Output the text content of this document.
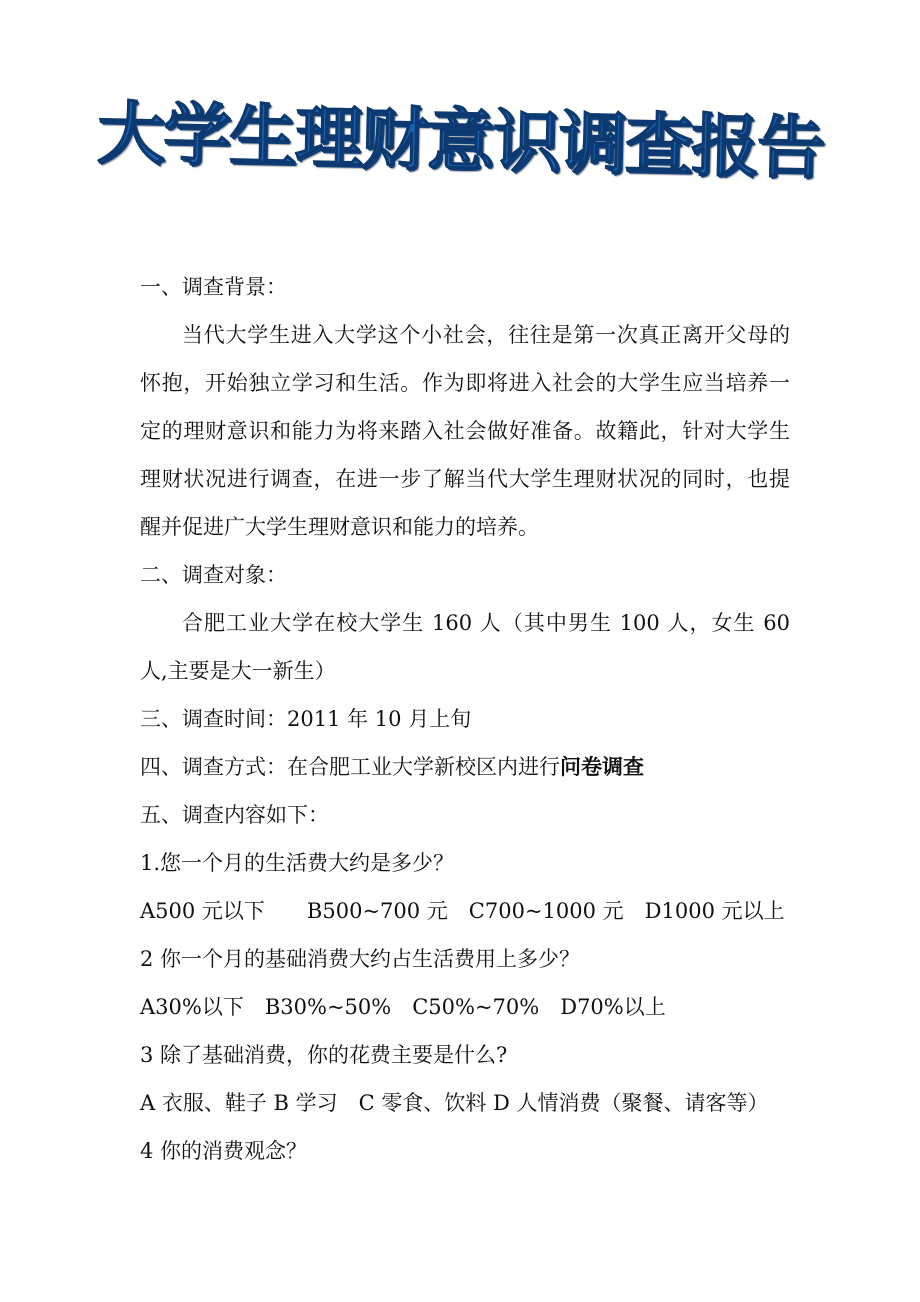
大学生理财意识调查报告
一、调查背景：

当代大学生进入大学这个小社会，往往是第一次真正离开父母的怀抱，开始独立学习和生活。作为即将进入社会的大学生应当培养一定的理财意识和能力为将来踏入社会做好准备。故籍此，针对大学生理财状况进行调查，在进一步了解当代大学生理财状况的同时，也提醒并促进广大学生理财意识和能力的培养。

二、调查对象：

合肥工业大学在校大学生 160 人（其中男生 100 人，女生 60 人,主要是大一新生）

三、调查时间：2011 年 10 月上旬
四、调查方式：在合肥工业大学新校区内进行问卷调查
五、调查内容如下：
1.您一个月的生活费大约是多少？
A500 元以下　　B500~700 元　C700~1000 元　D1000 元以上
2 你一个月的基础消费大约占生活费用上多少？
A30%以下　B30%~50%　C50%~70%　D70%以上
3 除了基础消费，你的花费主要是什么?
A 衣服、鞋子 B 学习　C 零食、饮料 D 人情消费（聚餐、请客等）
4 你的消费观念？
